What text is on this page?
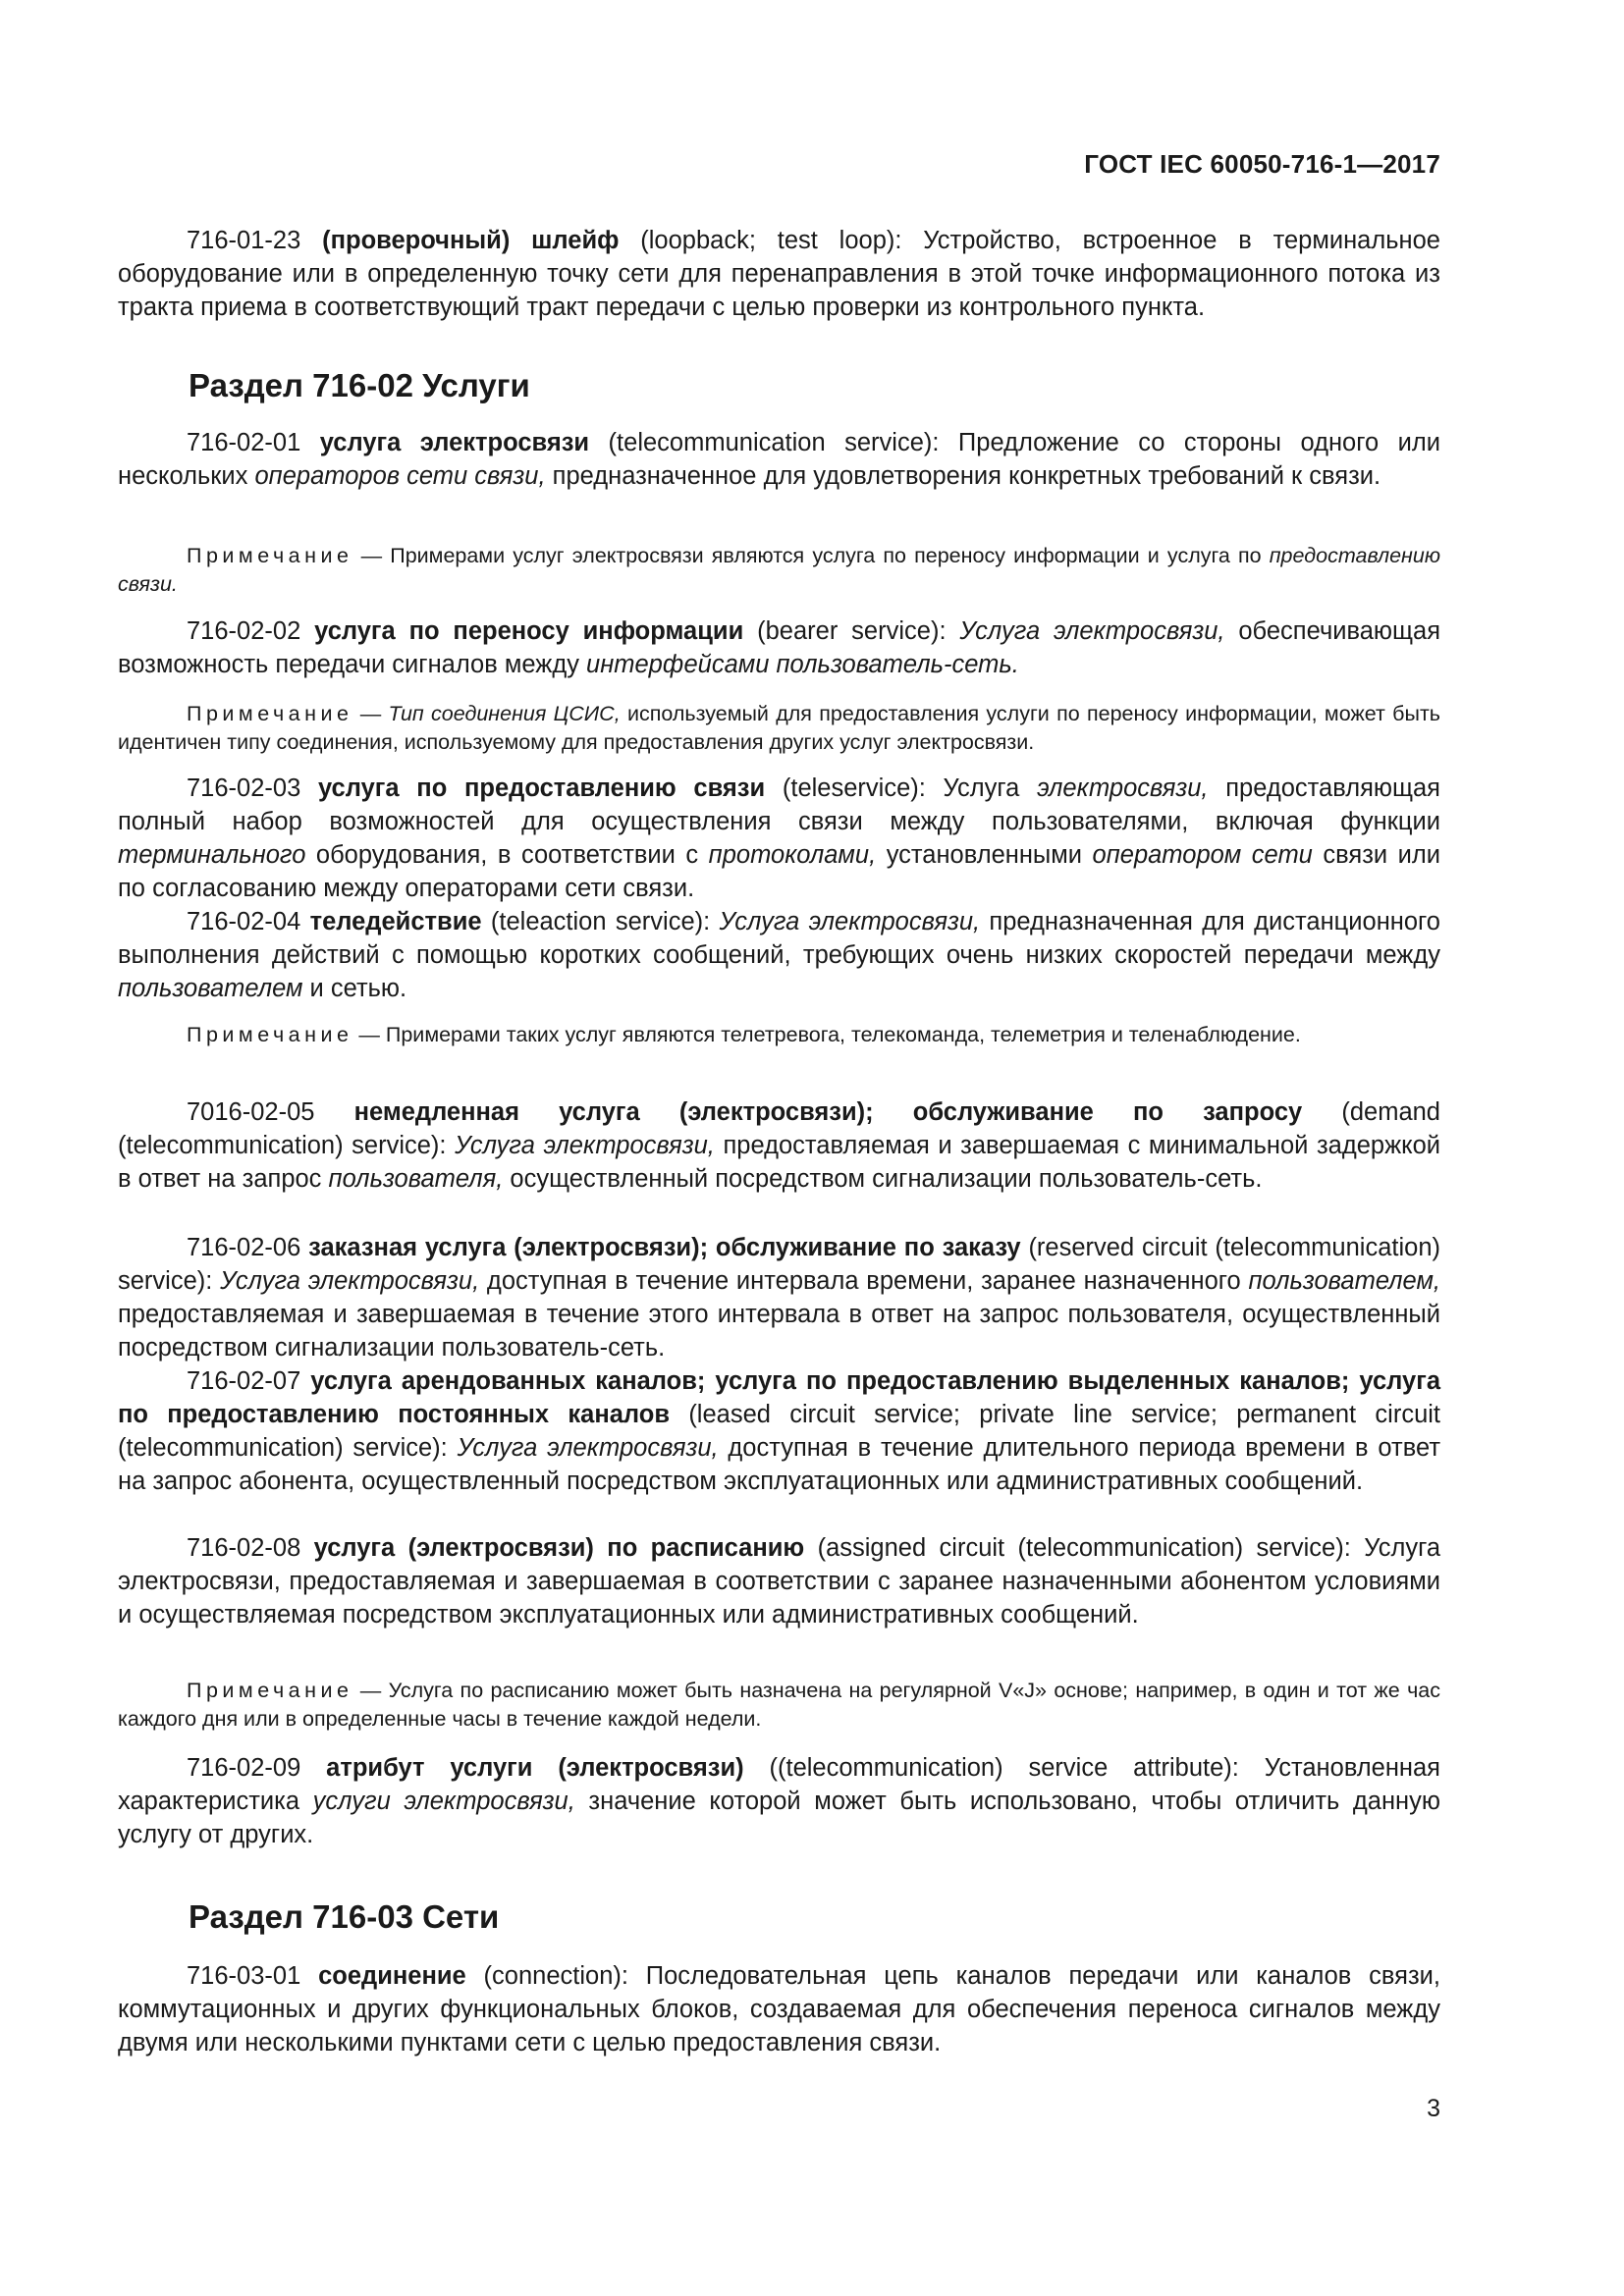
ГОСТ IEC 60050-716-1—2017

716-01-23 (проверочный) шлейф (loopback; test loop): Устройство, встроенное в терминальное оборудование или в определенную точку сети для перенаправления в этой точке информационного потока из тракта приема в соответствующий тракт передачи с целью проверки из контрольного пункта.

Раздел 716-02 Услуги

716-02-01 услуга электросвязи (telecommunication service): Предложение со стороны одного или нескольких операторов сети связи, предназначенное для удовлетворения конкретных требований к связи.

Примечание — Примерами услуг электросвязи являются услуга по переносу информации и услуга по предоставлению связи.

716-02-02 услуга по переносу информации (bearer service): Услуга электросвязи, обеспечивающая возможность передачи сигналов между интерфейсами пользователь-сеть.

Примечание — Тип соединения ЦСИС, используемый для предоставления услуги по переносу информации, может быть идентичен типу соединения, используемому для предоставления других услуг электросвязи.

716-02-03 услуга по предоставлению связи (teleservice): Услуга электросвязи, предоставляющая полный набор возможностей для осуществления связи между пользователями, включая функции терминального оборудования, в соответствии с протоколами, установленными оператором сети связи или по согласованию между операторами сети связи.

716-02-04 теледействие (teleaction service): Услуга электросвязи, предназначенная для дистанционного выполнения действий с помощью коротких сообщений, требующих очень низких скоростей передачи между пользователем и сетью.

Примечание — Примерами таких услуг являются телетревога, телекоманда, телеметрия и теленаблюдение.

7016-02-05 немедленная услуга (электросвязи); обслуживание по запросу (demand (telecommunication) service): Услуга электросвязи, предоставляемая и завершаемая с минимальной задержкой в ответ на запрос пользователя, осуществленный посредством сигнализации пользователь-сеть.

716-02-06 заказная услуга (электросвязи); обслуживание по заказу (reserved circuit (telecommunication) service): Услуга электросвязи, доступная в течение интервала времени, заранее назначенного пользователем, предоставляемая и завершаемая в течение этого интервала в ответ на запрос пользователя, осуществленный посредством сигнализации пользователь-сеть.

716-02-07 услуга арендованных каналов; услуга по предоставлению выделенных каналов; услуга по предоставлению постоянных каналов (leased circuit service; private line service; permanent circuit (telecommunication) service): Услуга электросвязи, доступная в течение длительного периода времени в ответ на запрос абонента, осуществленный посредством эксплуатационных или административных сообщений.

716-02-08 услуга (электросвязи) по расписанию (assigned circuit (telecommunication) service): Услуга электросвязи, предоставляемая и завершаемая в соответствии с заранее назначенными абонентом условиями и осуществляемая посредством эксплуатационных или административных сообщений.

Примечание — Услуга по расписанию может быть назначена на регулярной V«J» основе; например, в один и тот же час каждого дня или в определенные часы в течение каждой недели.

716-02-09 атрибут услуги (электросвязи) ((telecommunication) service attribute): Установленная характеристика услуги электросвязи, значение которой может быть использовано, чтобы отличить данную услугу от других.

Раздел 716-03 Сети

716-03-01 соединение (connection): Последовательная цепь каналов передачи или каналов связи, коммутационных и других функциональных блоков, создаваемая для обеспечения переноса сигналов между двумя или несколькими пунктами сети с целью предоставления связи.

3
